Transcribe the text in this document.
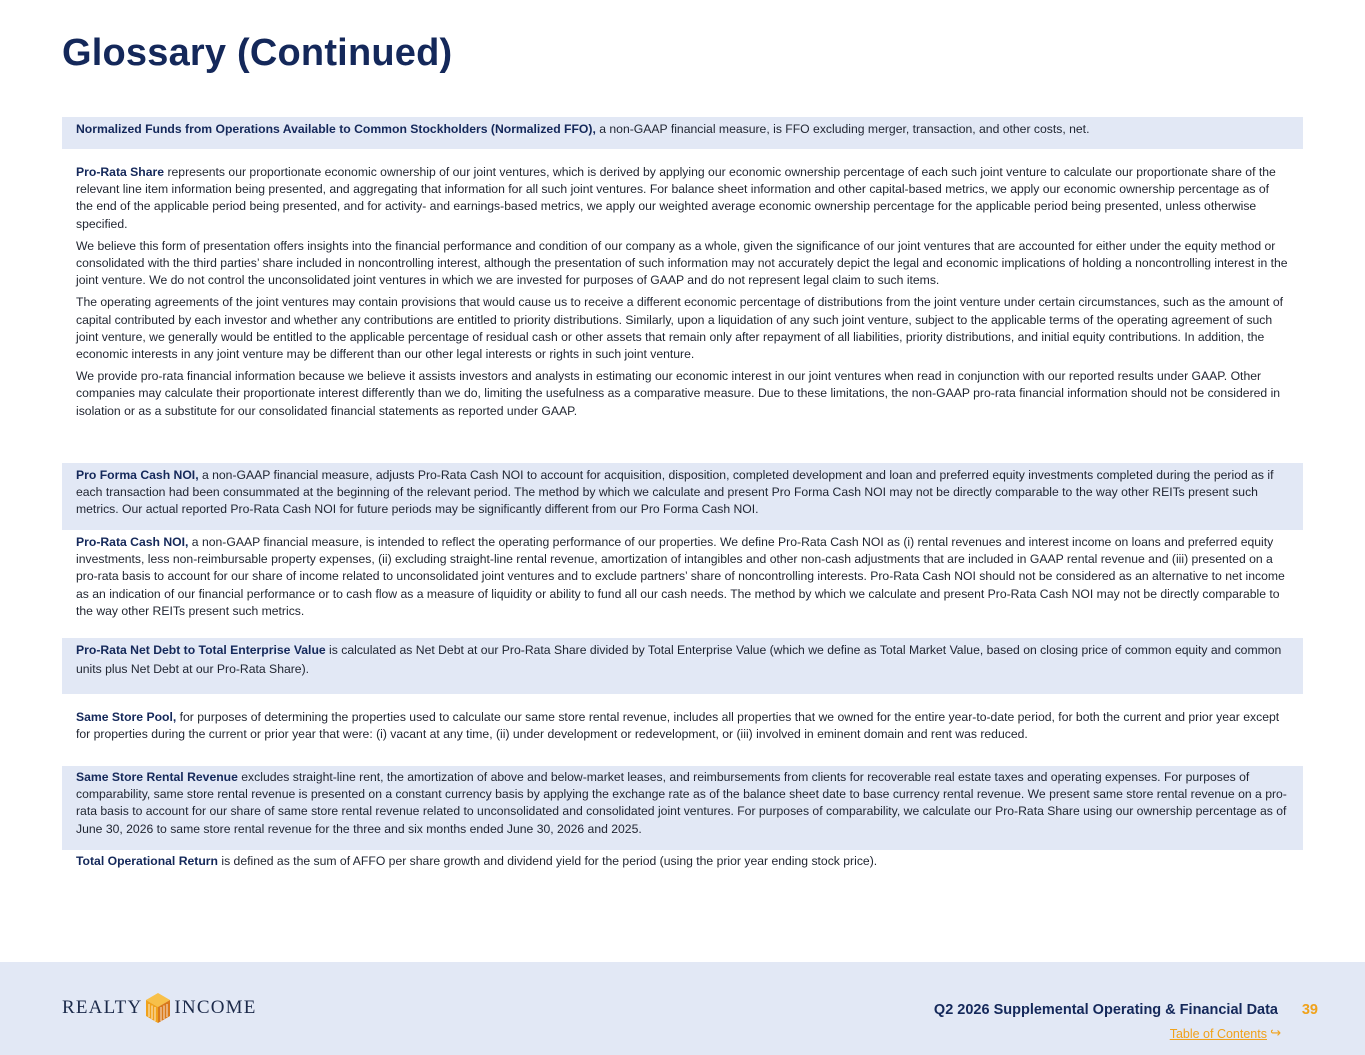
Glossary (Continued)

Normalized Funds from Operations Available to Common Stockholders (Normalized FFO), a non-GAAP financial measure, is FFO excluding merger, transaction, and other costs, net.

Pro-Rata Share represents our proportionate economic ownership of our joint ventures, which is derived by applying our economic ownership percentage of each such joint venture to calculate our proportionate share of the relevant line item information being presented, and aggregating that information for all such joint ventures. For balance sheet information and other capital-based metrics, we apply our economic ownership percentage as of the end of the applicable period being presented, and for activity- and earnings-based metrics, we apply our weighted average economic ownership percentage for the applicable period being presented, unless otherwise specified.

We believe this form of presentation offers insights into the financial performance and condition of our company as a whole, given the significance of our joint ventures that are accounted for either under the equity method or consolidated with the third parties’ share included in noncontrolling interest, although the presentation of such information may not accurately depict the legal and economic implications of holding a noncontrolling interest in the joint venture. We do not control the unconsolidated joint ventures in which we are invested for purposes of GAAP and do not represent legal claim to such items.

The operating agreements of the joint ventures may contain provisions that would cause us to receive a different economic percentage of distributions from the joint venture under certain circumstances, such as the amount of capital contributed by each investor and whether any contributions are entitled to priority distributions. Similarly, upon a liquidation of any such joint venture, subject to the applicable terms of the operating agreement of such joint venture, we generally would be entitled to the applicable percentage of residual cash or other assets that remain only after repayment of all liabilities, priority distributions, and initial equity contributions. In addition, the economic interests in any joint venture may be different than our other legal interests or rights in such joint venture.

We provide pro-rata financial information because we believe it assists investors and analysts in estimating our economic interest in our joint ventures when read in conjunction with our reported results under GAAP. Other companies may calculate their proportionate interest differently than we do, limiting the usefulness as a comparative measure. Due to these limitations, the non-GAAP pro-rata financial information should not be considered in isolation or as a substitute for our consolidated financial statements as reported under GAAP.

Pro Forma Cash NOI, a non-GAAP financial measure, adjusts Pro-Rata Cash NOI to account for acquisition, disposition, completed development and loan and preferred equity investments completed during the period as if each transaction had been consummated at the beginning of the relevant period. The method by which we calculate and present Pro Forma Cash NOI may not be directly comparable to the way other REITs present such metrics. Our actual reported Pro-Rata Cash NOI for future periods may be significantly different from our Pro Forma Cash NOI.

Pro-Rata Cash NOI, a non-GAAP financial measure, is intended to reflect the operating performance of our properties. We define Pro-Rata Cash NOI as (i) rental revenues and interest income on loans and preferred equity investments, less non-reimbursable property expenses, (ii) excluding straight-line rental revenue, amortization of intangibles and other non-cash adjustments that are included in GAAP rental revenue and (iii) presented on a pro-rata basis to account for our share of income related to unconsolidated joint ventures and to exclude partners’ share of noncontrolling interests. Pro-Rata Cash NOI should not be considered as an alternative to net income as an indication of our financial performance or to cash flow as a measure of liquidity or ability to fund all our cash needs. The method by which we calculate and present Pro-Rata Cash NOI may not be directly comparable to the way other REITs present such metrics.

Pro-Rata Net Debt to Total Enterprise Value is calculated as Net Debt at our Pro-Rata Share divided by Total Enterprise Value (which we define as Total Market Value, based on closing price of common equity and common units plus Net Debt at our Pro-Rata Share).

Same Store Pool, for purposes of determining the properties used to calculate our same store rental revenue, includes all properties that we owned for the entire year-to-date period, for both the current and prior year except for properties during the current or prior year that were: (i) vacant at any time, (ii) under development or redevelopment, or (iii) involved in eminent domain and rent was reduced.

Same Store Rental Revenue excludes straight-line rent, the amortization of above and below-market leases, and reimbursements from clients for recoverable real estate taxes and operating expenses. For purposes of comparability, same store rental revenue is presented on a constant currency basis by applying the exchange rate as of the balance sheet date to base currency rental revenue. We present same store rental revenue on a pro-rata basis to account for our share of same store rental revenue related to unconsolidated and consolidated joint ventures. For purposes of comparability, we calculate our Pro-Rata Share using our ownership percentage as of June 30, 2026 to same store rental revenue for the three and six months ended June 30, 2026 and 2025.

Total Operational Return is defined as the sum of AFFO per share growth and dividend yield for the period (using the prior year ending stock price).

REALTY INCOME	Q2 2026 Supplemental Operating & Financial Data 39
Table of Contents ↪
